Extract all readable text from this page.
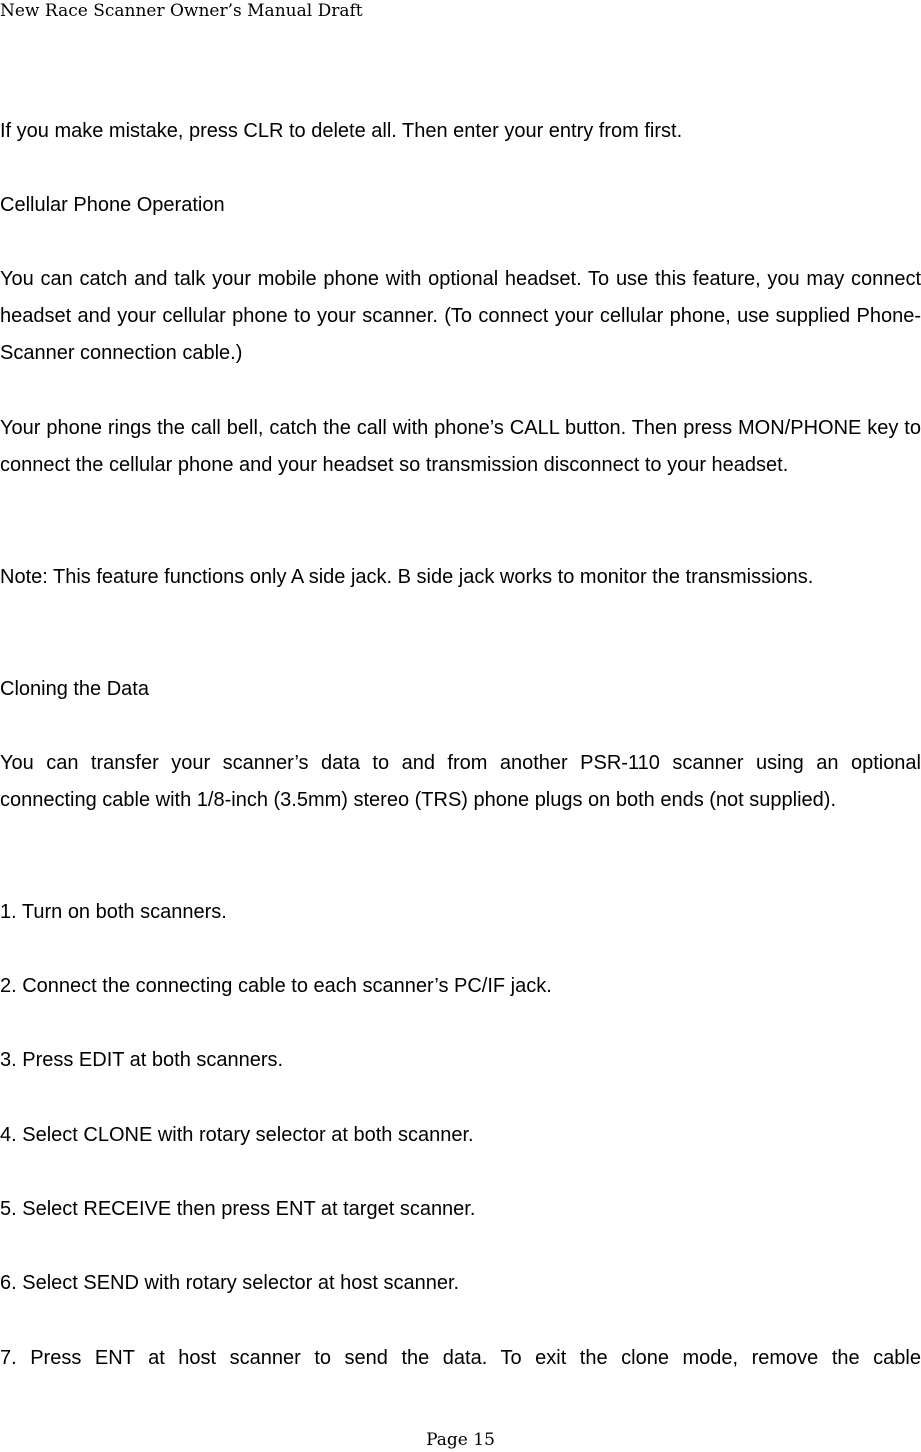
New Race Scanner Owner’s Manual Draft

If you make mistake, press CLR to delete all. Then enter your entry from first.

Cellular Phone Operation

You can catch and talk your mobile phone with optional headset. To use this feature, you may connect headset and your cellular phone to your scanner. (To connect your cellular phone, use supplied Phone-Scanner connection cable.)

Your phone rings the call bell, catch the call with phone’s CALL button. Then press MON/PHONE key to connect the cellular phone and your headset so transmission disconnect to your headset.

Note: This feature functions only A side jack. B side jack works to monitor the transmissions.

Cloning the Data

You can transfer your scanner’s data to and from another PSR-110 scanner using an optional connecting cable with 1/8-inch (3.5mm) stereo (TRS) phone plugs on both ends (not supplied).

1. Turn on both scanners.

2. Connect the connecting cable to each scanner’s PC/IF jack.

3. Press EDIT at both scanners.

4. Select CLONE with rotary selector at both scanner.

5. Select RECEIVE then press ENT at target scanner.

6. Select SEND with rotary selector at host scanner.

7. Press ENT at host scanner to send the data. To exit the clone mode, remove the cable

Page 15
